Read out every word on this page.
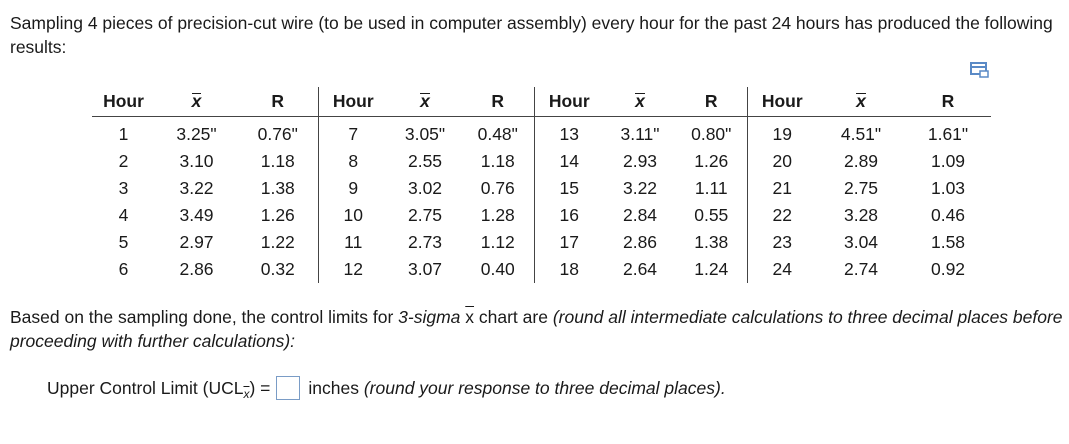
Sampling 4 pieces of precision-cut wire (to be used in computer assembly) every hour for the past 24 hours has produced the following results:
Hour	x	R	Hour	x	R	Hour	x	R	Hour	x	R
1	3.25"	0.76"	7	3.05"	0.48"	13	3.11"	0.80"	19	4.51"	1.61"
2	3.10	1.18	8	2.55	1.18	14	2.93	1.26	20	2.89	1.09
3	3.22	1.38	9	3.02	0.76	15	3.22	1.11	21	2.75	1.03
4	3.49	1.26	10	2.75	1.28	16	2.84	0.55	22	3.28	0.46
5	2.97	1.22	11	2.73	1.12	17	2.86	1.38	23	3.04	1.58
6	2.86	0.32	12	3.07	0.40	18	2.64	1.24	24	2.74	0.92
Based on the sampling done, the control limits for 3-sigma $\overline{x}$ chart are (round all intermediate calculations to three decimal places before proceeding with further calculations):
Upper Control Limit (UCL $\overline{x}$ ) = inches
(round your response to three decimal places).
